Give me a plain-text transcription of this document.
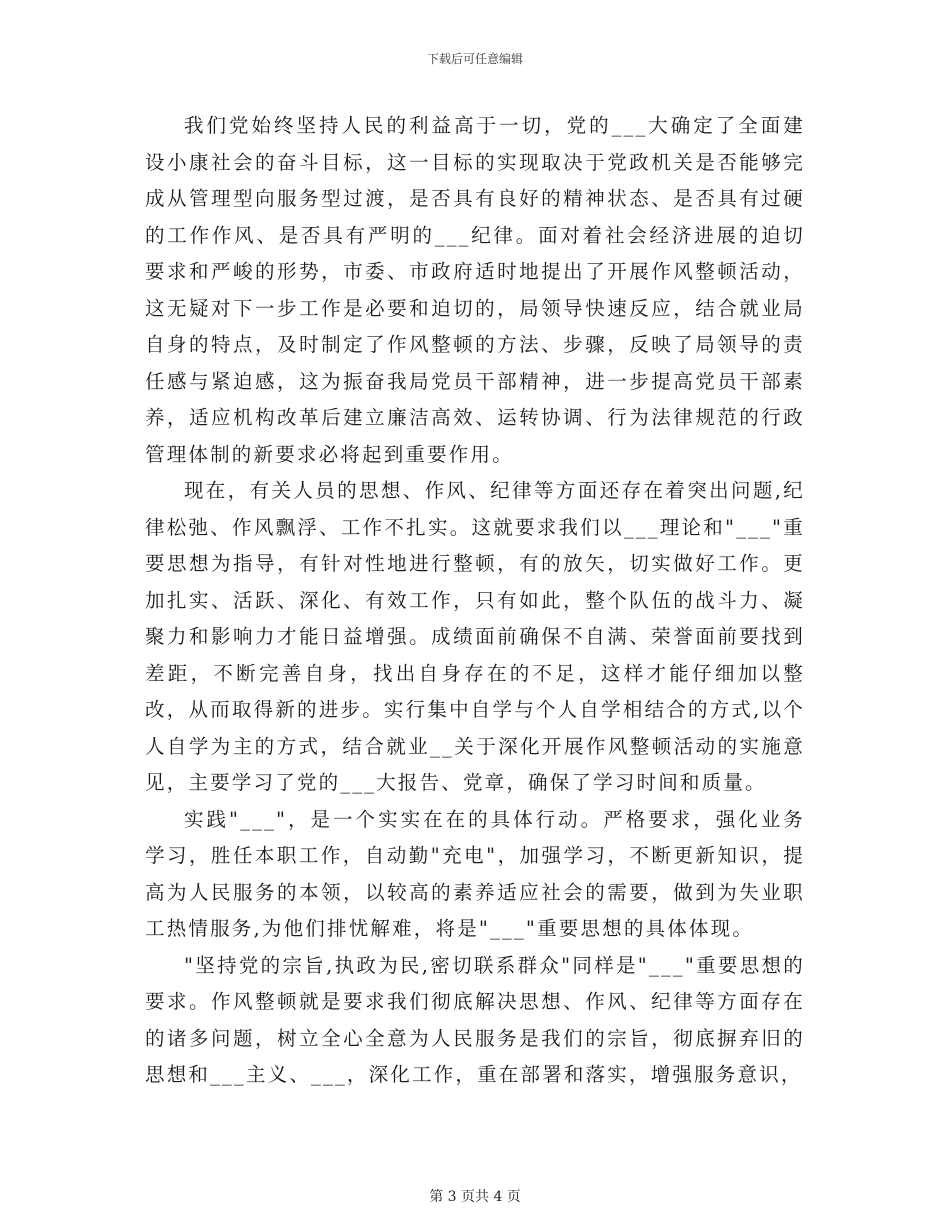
下载后可任意编辑

我们党始终坚持人民的利益高于一切，党的___大确定了全面建设小康社会的奋斗目标，这一目标的实现取决于党政机关是否能够完成从管理型向服务型过渡，是否具有良好的精神状态、是否具有过硬的工作作风、是否具有严明的___纪律。面对着社会经济进展的迫切要求和严峻的形势，市委、市政府适时地提出了开展作风整顿活动，这无疑对下一步工作是必要和迫切的，局领导快速反应，结合就业局自身的特点，及时制定了作风整顿的方法、步骤，反映了局领导的责任感与紧迫感，这为振奋我局党员干部精神，进一步提高党员干部素养，适应机构改革后建立廉洁高效、运转协调、行为法律规范的行政管理体制的新要求必将起到重要作用。

现在，有关人员的思想、作风、纪律等方面还存在着突出问题,纪律松弛、作风飘浮、工作不扎实。这就要求我们以___理论和"___"重要思想为指导，有针对性地进行整顿，有的放矢，切实做好工作。更加扎实、活跃、深化、有效工作，只有如此，整个队伍的战斗力、凝聚力和影响力才能日益增强。成绩面前确保不自满、荣誉面前要找到差距，不断完善自身，找出自身存在的不足，这样才能仔细加以整改，从而取得新的进步。实行集中自学与个人自学相结合的方式,以个人自学为主的方式，结合就业__关于深化开展作风整顿活动的实施意见，主要学习了党的___大报告、党章，确保了学习时间和质量。

实践"___"，是一个实实在在的具体行动。严格要求，强化业务学习，胜任本职工作，自动勤"充电"，加强学习，不断更新知识，提高为人民服务的本领，以较高的素养适应社会的需要，做到为失业职工热情服务,为他们排忧解难，将是"___"重要思想的具体体现。

"坚持党的宗旨,执政为民,密切联系群众"同样是"___"重要思想的要求。作风整顿就是要求我们彻底解决思想、作风、纪律等方面存在的诸多问题，树立全心全意为人民服务是我们的宗旨，彻底摒弃旧的思想和___主义、___，深化工作，重在部署和落实，增强服务意识，

第 3 页共 4 页
